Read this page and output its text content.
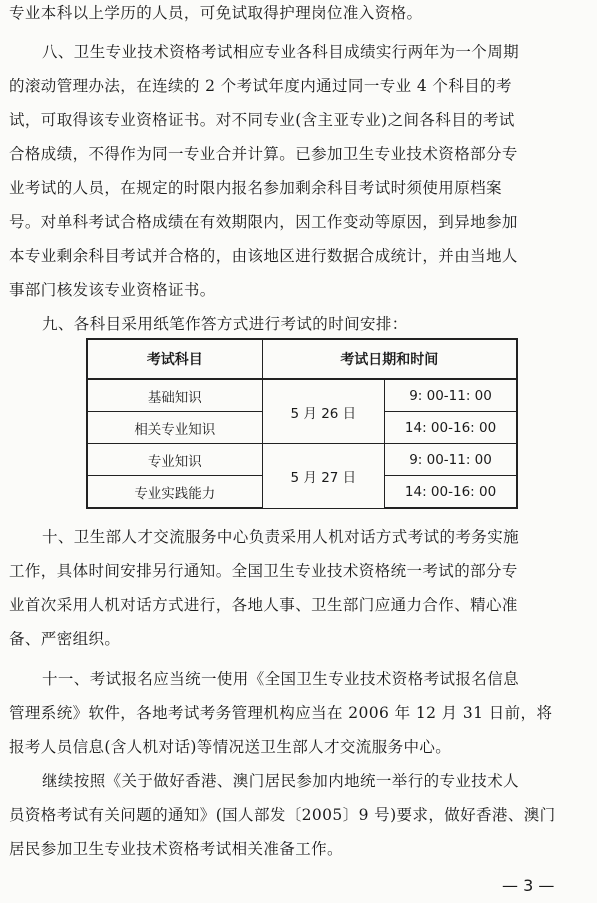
专业本科以上学历的人员，可免试取得护理岗位准入资格。
八、卫生专业技术资格考试相应专业各科目成绩实行两年为一个周期
的滚动管理办法，在连续的 2 个考试年度内通过同一专业 4 个科目的考
试，可取得该专业资格证书。对不同专业(含主亚专业)之间各科目的考试
合格成绩，不得作为同一专业合并计算。已参加卫生专业技术资格部分专
业考试的人员，在规定的时限内报名参加剩余科目考试时须使用原档案
号。对单科考试合格成绩在有效期限内，因工作变动等原因，到异地参加
本专业剩余科目考试并合格的，由该地区进行数据合成统计，并由当地人
事部门核发该专业资格证书。
九、各科目采用纸笔作答方式进行考试的时间安排：
考试科目	考试日期和时间	
基础知识	5 月 26 日	9: 00-11: 00
相关专业知识		14: 00-16: 00
专业知识	5 月 27 日	9: 00-11: 00
专业实践能力		14: 00-16: 00
十、卫生部人才交流服务中心负责采用人机对话方式考试的考务实施
工作，具体时间安排另行通知。全国卫生专业技术资格统一考试的部分专
业首次采用人机对话方式进行，各地人事、卫生部门应通力合作、精心准
备、严密组织。
十一、考试报名应当统一使用《全国卫生专业技术资格考试报名信息
管理系统》软件，各地考试考务管理机构应当在 2006 年 12 月 31 日前，将
报考人员信息(含人机对话)等情况送卫生部人才交流服务中心。
继续按照《关于做好香港、澳门居民参加内地统一举行的专业技术人
员资格考试有关问题的通知》(国人部发〔2005〕9 号)要求，做好香港、澳门
居民参加卫生专业技术资格考试相关准备工作。
— 3 —
